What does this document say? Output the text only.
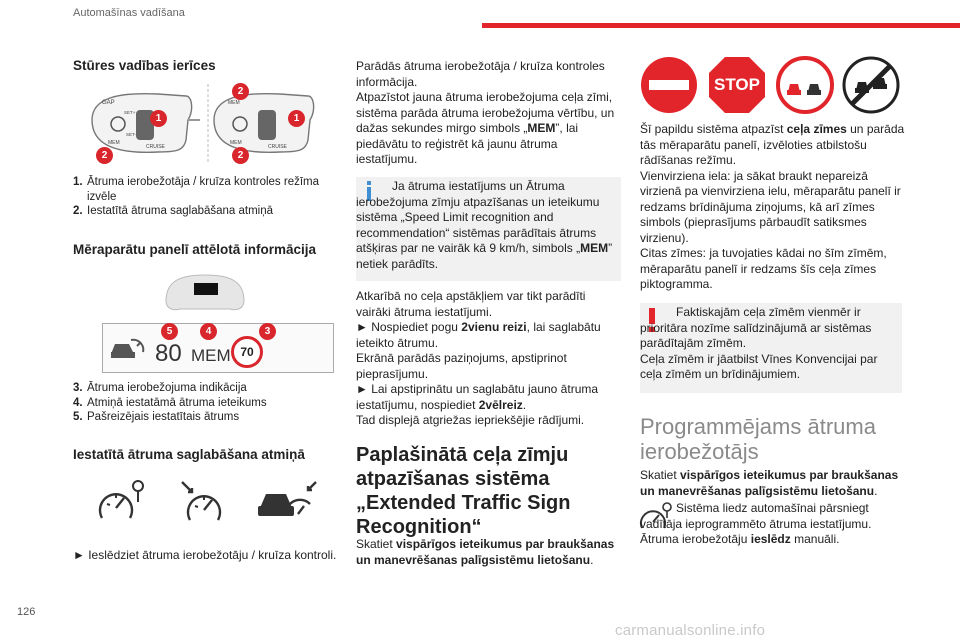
Automašīnas vadīšana
Stūres vadības ierīces
GAP
MEM
CRUISE
SET+
SET-
MEM
MEM
CRUISE
1
2
2
1
2
1. Ātruma ierobežotāja / kruīza kontroles režīma izvēle
2. Iestatītā ātruma saglabāšana atmiņā
Mēraparātu panelī attēlotā informācija
80 MEM 70
5	4	3
3. Ātruma ierobežojuma indikācija
4. Atmiņā iestatāmā ātruma ieteikums
5. Pašreizējais iestatītais ātrums
Iestatītā ātruma saglabāšana atmiņā

► Ieslēdziet ātruma ierobežotāju / kruīza kontroli.

Parādās ātruma ierobežotāja / kruīza kontroles informācija.

Atpazīstot jauna ātruma ierobežojuma ceļa zīmi, sistēma parāda ātruma ierobežojuma vērtību, un dažas sekundes mirgo simbols „MEM”, lai piedāvātu to reģistrēt kā jaunu ātruma iestatījumu.

Ja ātruma iestatījums un Ātruma ierobežojuma zīmju atpazīšanas un ieteikumu sistēma „Speed Limit recognition and recommendation“ sistēmas parādītais ātrums atšķiras par ne vairāk kā 9 km/h, simbols „MEM” netiek parādīts.

Atkarībā no ceļa apstākļiem var tikt parādīti vairāki ātruma iestatījumi.

► Nospiediet pogu 2vienu reizi, lai saglabātu ieteikto ātrumu.

Ekrānā parādās paziņojums, apstiprinot pieprasījumu.

► Lai apstiprinātu un saglabātu jauno ātruma iestatījumu, nospiediet 2vēlreiz.

Tad displejā atgriežas iepriekšējie rādījumi.

Paplašinātā ceļa zīmju atpazīšanas sistēma „Extended Traffic Sign Recognition“

Skatiet vispārīgos ieteikumus par braukšanas un manevrēšanas palīgsistēmu lietošanu.

STOP

Šī papildu sistēma atpazīst ceļa zīmes un parāda tās mēraparātu panelī, izvēloties atbilstošu rādīšanas režīmu.

Vienvirziena iela: ja sākat braukt nepareizā virzienā pa vienvirziena ielu, mēraparātu panelī ir redzams brīdinājuma ziņojums, kā arī zīmes simbols (pieprasījums pārbaudīt satiksmes virzienu).

Citas zīmes: ja tuvojaties kādai no šīm zīmēm, mēraparātu panelī ir redzams šīs ceļa zīmes piktogramma.

Faktiskajām ceļa zīmēm vienmēr ir prioritāra nozīme salīdzinājumā ar sistēmas parādītajām zīmēm.
Ceļa zīmēm ir jāatbilst Vīnes Konvencijai par ceļa zīmēm un brīdinājumiem.

Programmējams ātruma ierobežotājs

Skatiet vispārīgos ieteikumus par braukšanas un manevrēšanas palīgsistēmu lietošanu.

Sistēma liedz automašīnai pārsniegt vadītāja ieprogrammēto ātruma iestatījumu.

Ātruma ierobežotāju ieslēdz manuāli.

126
carmanualsonline.info
